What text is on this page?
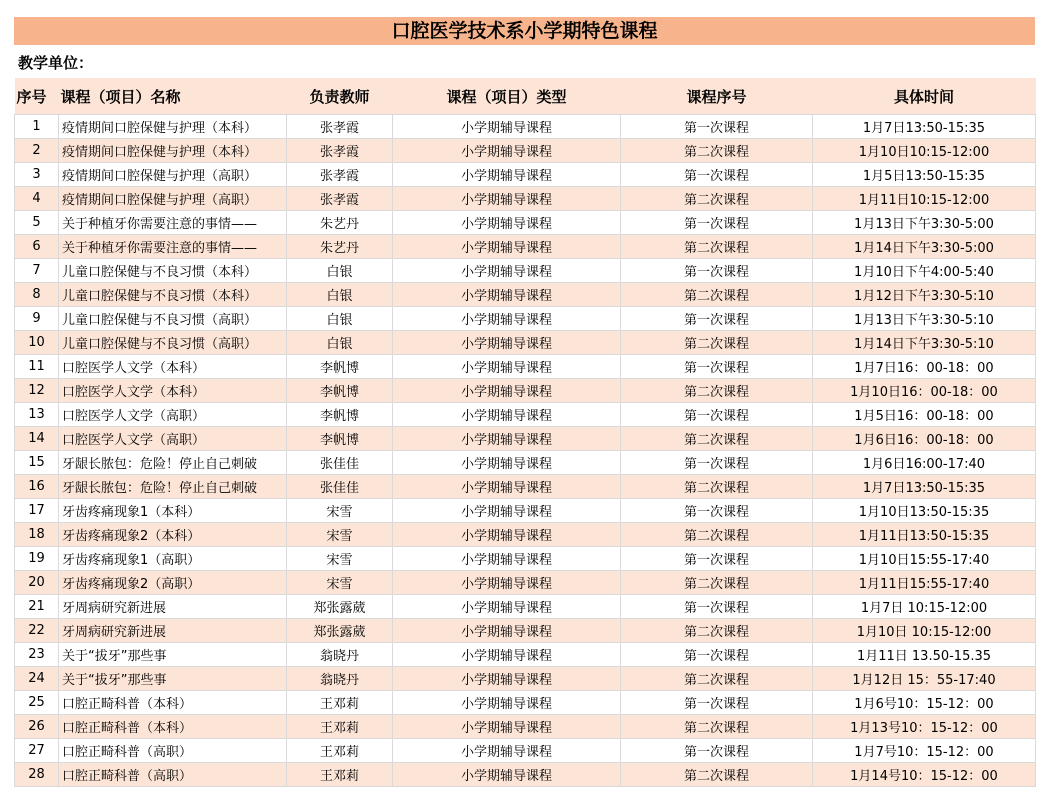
口腔医学技术系小学期特色课程
教学单位：
序号	课程（项目）名称	负责教师	课程（项目）类型	课程序号	具体时间
1	疫情期间口腔保健与护理（本科）	张孝霞	小学期辅导课程	第一次课程	1月7日13:50-15:35
2	疫情期间口腔保健与护理（本科）	张孝霞	小学期辅导课程	第二次课程	1月10日10:15-12:00
3	疫情期间口腔保健与护理（高职）	张孝霞	小学期辅导课程	第一次课程	1月5日13:50-15:35
4	疫情期间口腔保健与护理（高职）	张孝霞	小学期辅导课程	第二次课程	1月11日10:15-12:00
5	关于种植牙你需要注意的事情——	朱艺丹	小学期辅导课程	第一次课程	1月13日下午3:30-5:00
6	关于种植牙你需要注意的事情——	朱艺丹	小学期辅导课程	第二次课程	1月14日下午3:30-5:00
7	儿童口腔保健与不良习惯（本科）	白银	小学期辅导课程	第一次课程	1月10日下午4:00-5:40
8	儿童口腔保健与不良习惯（本科）	白银	小学期辅导课程	第二次课程	1月12日下午3:30-5:10
9	儿童口腔保健与不良习惯（高职）	白银	小学期辅导课程	第一次课程	1月13日下午3:30-5:10
10	儿童口腔保健与不良习惯（高职）	白银	小学期辅导课程	第二次课程	1月14日下午3:30-5:10
11	口腔医学人文学（本科）	李帆博	小学期辅导课程	第一次课程	1月7日16：00-18：00
12	口腔医学人文学（本科）	李帆博	小学期辅导课程	第二次课程	1月10日16：00-18：00
13	口腔医学人文学（高职）	李帆博	小学期辅导课程	第一次课程	1月5日16：00-18：00
14	口腔医学人文学（高职）	李帆博	小学期辅导课程	第二次课程	1月6日16：00-18：00
15	牙龈长脓包：危险！停止自己刺破	张佳佳	小学期辅导课程	第一次课程	1月6日16:00-17:40
16	牙龈长脓包：危险！停止自己刺破	张佳佳	小学期辅导课程	第二次课程	1月7日13:50-15:35
17	牙齿疼痛现象1（本科）	宋雪	小学期辅导课程	第一次课程	1月10日13:50-15:35
18	牙齿疼痛现象2（本科）	宋雪	小学期辅导课程	第二次课程	1月11日13:50-15:35
19	牙齿疼痛现象1（高职）	宋雪	小学期辅导课程	第一次课程	1月10日15:55-17:40
20	牙齿疼痛现象2（高职）	宋雪	小学期辅导课程	第二次课程	1月11日15:55-17:40
21	牙周病研究新进展	郑张露葳	小学期辅导课程	第一次课程	1月7日 10:15-12:00
22	牙周病研究新进展	郑张露葳	小学期辅导课程	第二次课程	1月10日 10:15-12:00
23	关于“拔牙”那些事	翁晓丹	小学期辅导课程	第一次课程	1月11日 13.50-15.35
24	关于“拔牙”那些事	翁晓丹	小学期辅导课程	第二次课程	1月12日 15：55-17:40
25	口腔正畸科普（本科）	王邓莉	小学期辅导课程	第一次课程	1月6号10：15-12：00
26	口腔正畸科普（本科）	王邓莉	小学期辅导课程	第二次课程	1月13号10：15-12：00
27	口腔正畸科普（高职）	王邓莉	小学期辅导课程	第一次课程	1月7号10：15-12：00
28	口腔正畸科普（高职）	王邓莉	小学期辅导课程	第二次课程	1月14号10：15-12：00
